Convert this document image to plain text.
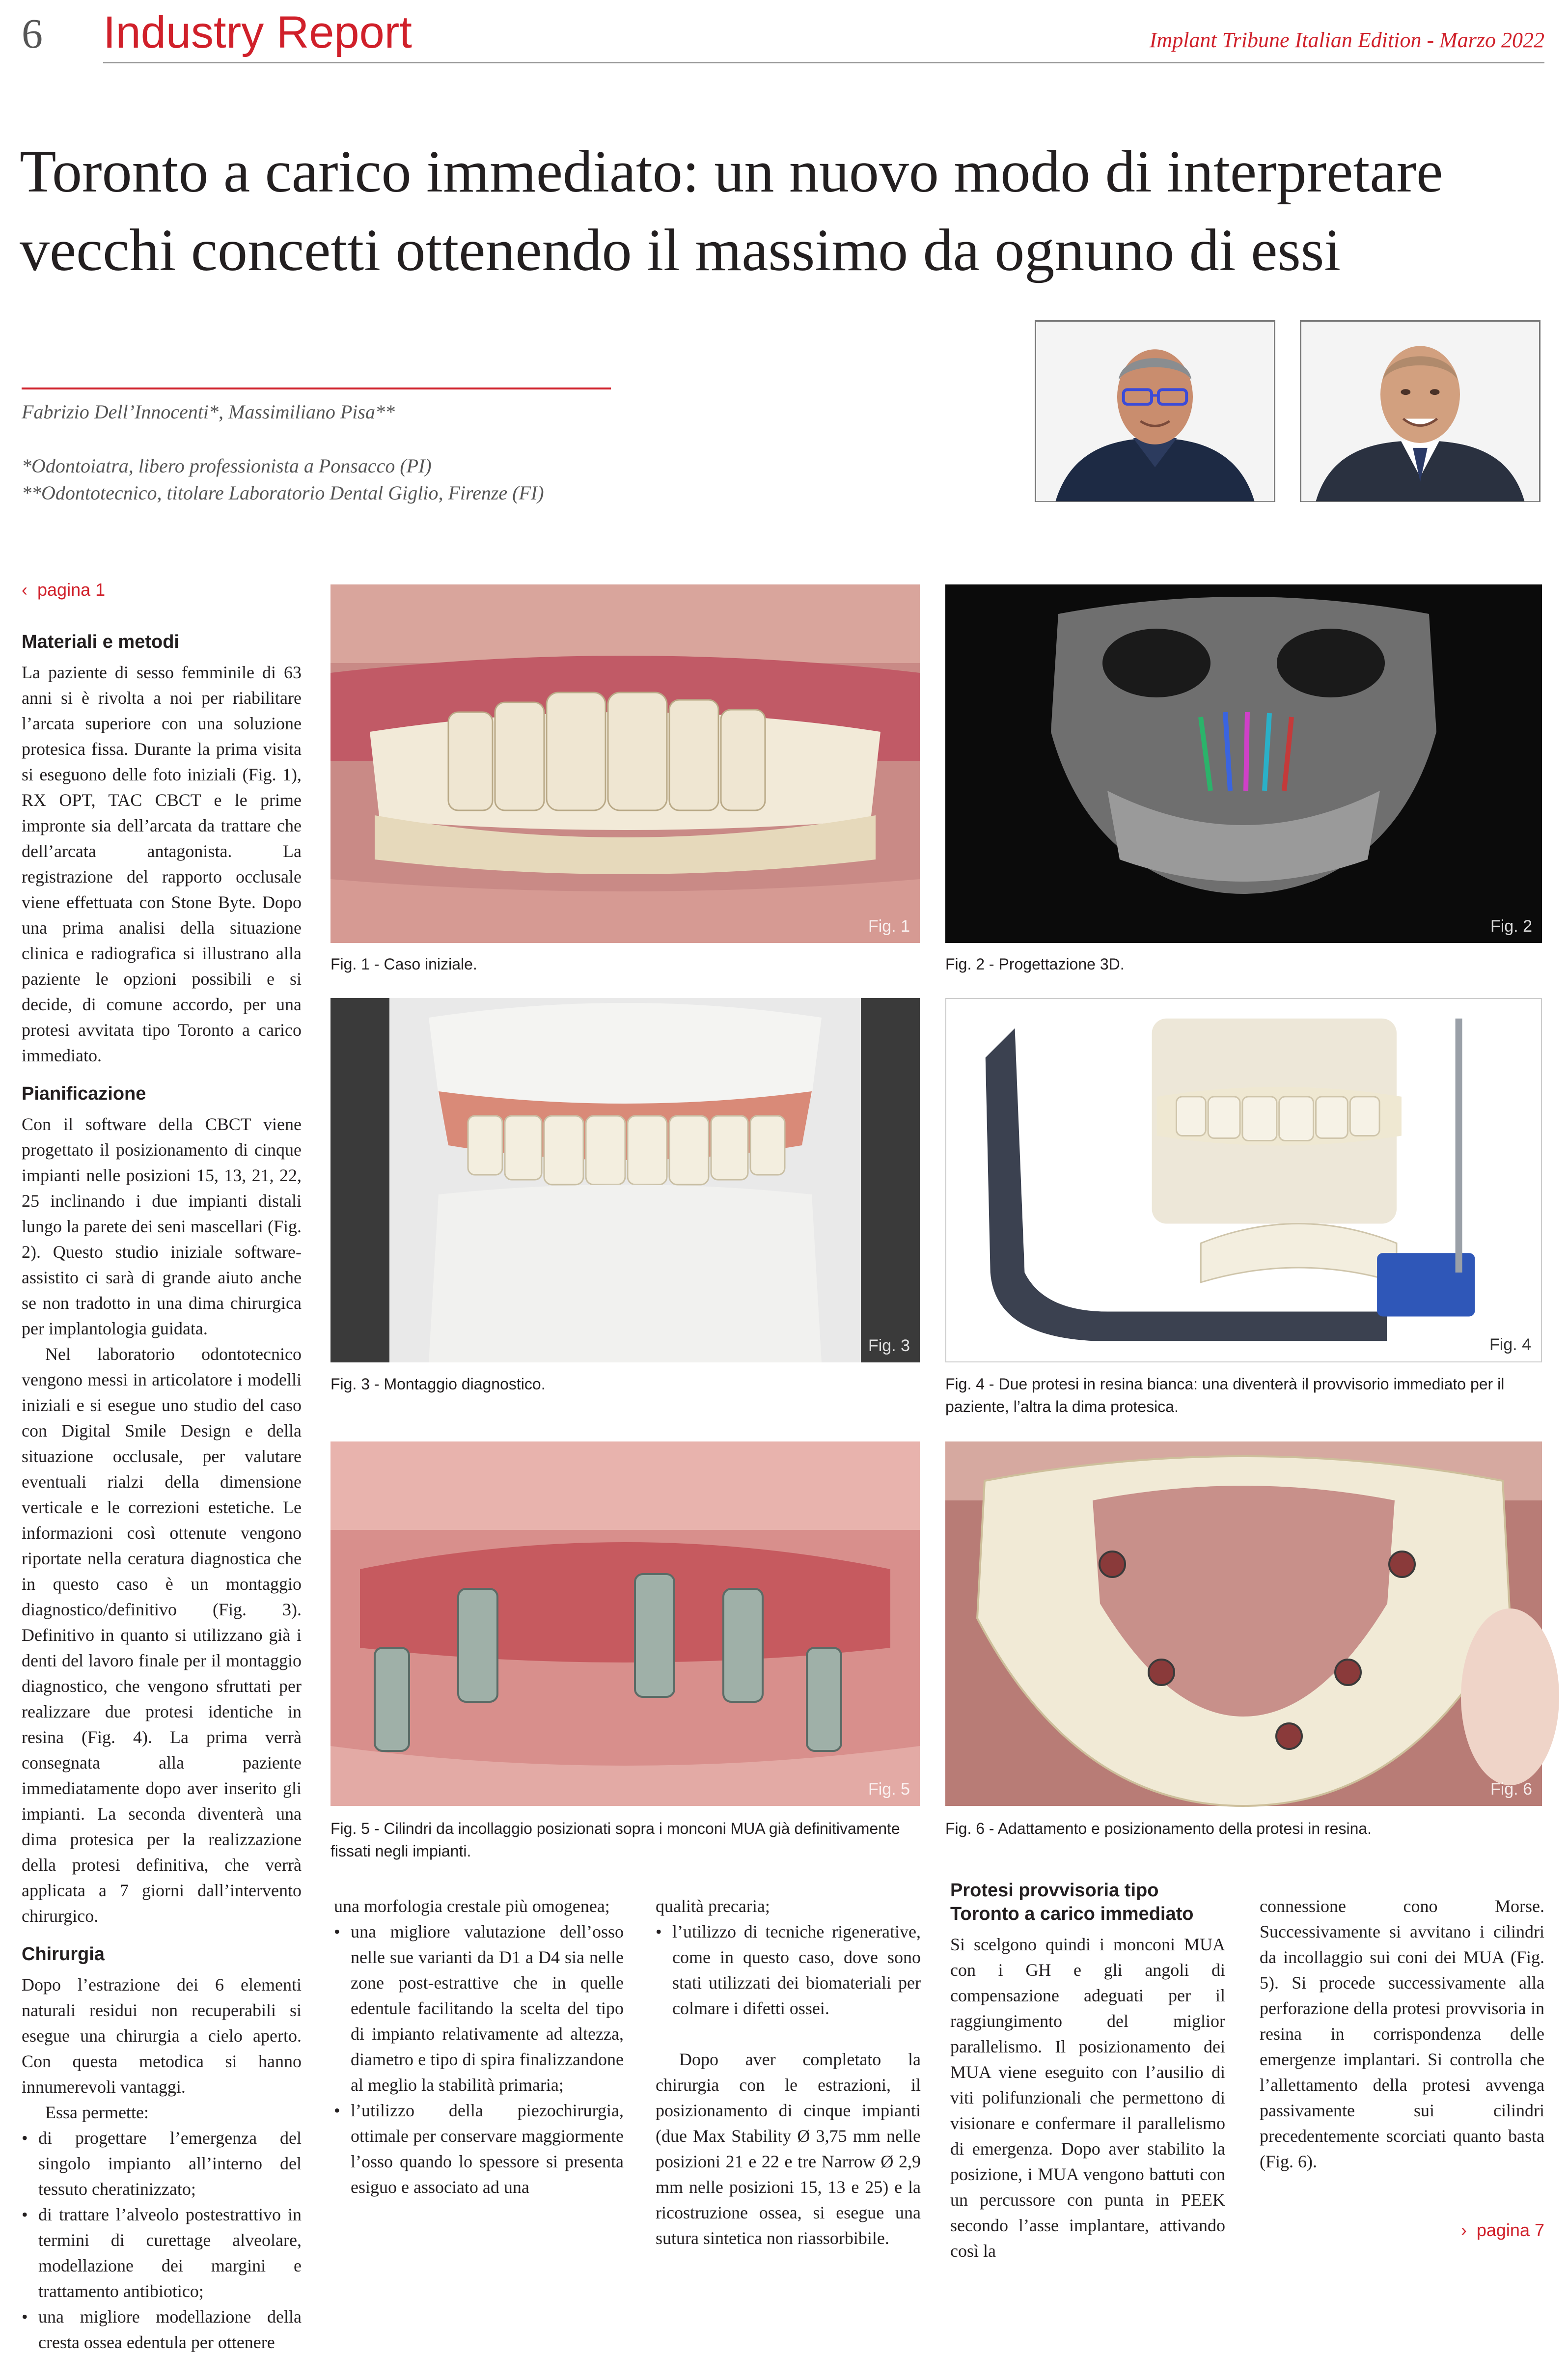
6 Industry Report	Implant Tribune Italian Edition - Marzo 2022
Toronto a carico immediato: un nuovo modo di interpretare vecchi concetti ottenendo il massimo da ognuno di essi
Fabrizio Dell’Innocenti*, Massimiliano Pisa**
*Odontoiatra, libero professionista a Ponsacco (PI)
**Odontotecnico, titolare Laboratorio Dental Giglio, Firenze (FI)
‹ pagina 1
Materiali e metodi

La paziente di sesso femminile di 63 anni si è rivolta a noi per riabilitare l’arcata superiore con una soluzione protesica fissa. Durante la prima visita si eseguono delle foto iniziali (Fig. 1), RX OPT, TAC CBCT e le prime impronte sia dell’arcata da trattare che dell’arcata antagonista. La registrazione del rapporto occlusale viene effettuata con Stone Byte. Dopo una prima analisi della situazione clinica e radiografica si illustrano alla paziente le opzioni possibili e si decide, di comune accordo, per una protesi avvitata tipo Toronto a carico immediato.

Pianificazione

Con il software della CBCT viene progettato il posizionamento di cinque impianti nelle posizioni 15, 13, 21, 22, 25 inclinando i due impianti distali lungo la parete dei seni mascellari (Fig. 2). Questo studio iniziale software-assistito ci sarà di grande aiuto anche se non tradotto in una dima chirurgica per implantologia guidata.

Nel laboratorio odontotecnico vengono messi in articolatore i modelli iniziali e si esegue uno studio del caso con Digital Smile Design e della situazione occlusale, per valutare eventuali rialzi della dimensione verticale e le correzioni estetiche. Le informazioni così ottenute vengono riportate nella ceratura diagnostica che in questo caso è un montaggio diagnostico/definitivo (Fig. 3). Definitivo in quanto si utilizzano già i denti del lavoro finale per il montaggio diagnostico, che vengono sfruttati per realizzare due protesi identiche in resina (Fig. 4). La prima verrà consegnata alla paziente immediatamente dopo aver inserito gli impianti. La seconda diventerà una dima protesica per la realizzazione della protesi definitiva, che verrà applicata a 7 giorni dall’intervento chirurgico.

Chirurgia

Dopo l’estrazione dei 6 elementi naturali residui non recuperabili si esegue una chirurgia a cielo aperto. Con questa metodica si hanno innumerevoli vantaggi.

Essa permette:

• di progettare l’emergenza del singolo impianto all’interno del tessuto cheratinizzato;
• di trattare l’alveolo postestrattivo in termini di curettage alveolare, modellazione dei margini e trattamento antibiotico;
• una migliore modellazione della cresta ossea edentula per ottenere
una morfologia crestale più omogenea;
• una migliore valutazione dell’osso nelle sue varianti da D1 a D4 sia nelle zone post-estrattive che in quelle edentule facilitando la scelta del tipo di impianto relativamente ad altezza, diametro e tipo di spira finalizzandone al meglio la stabilità primaria;
• l’utilizzo della piezochirurgia, ottimale per conservare maggiormente l’osso quando lo spessore si presenta esiguo e associato ad una
qualità precaria;
• l’utilizzo di tecniche rigenerative, come in questo caso, dove sono stati utilizzati dei biomateriali per colmare i difetti ossei.

Dopo aver completato la chirurgia con le estrazioni, il posizionamento di cinque impianti (due Max Stability Ø 3,75 mm nelle posizioni 21 e 22 e tre Narrow Ø 2,9 mm nelle posizioni 15, 13 e 25) e la ricostruzione ossea, si esegue una sutura sintetica non riassorbibile.

Protesi provvisoria tipo Toronto a carico immediato

Si scelgono quindi i monconi MUA con i GH e gli angoli di compensazione adeguati per il raggiungimento del miglior parallelismo. Il posizionamento dei MUA viene eseguito con l’ausilio di viti polifunzionali che permettono di visionare e confermare il parallelismo di emergenza. Dopo aver stabilito la posizione, i MUA vengono battuti con un percussore con punta in PEEK secondo l’asse implantare, attivando così la

connessione cono Morse. Successivamente si avvitano i cilindri da incollaggio sui coni dei MUA (Fig. 5). Si procede successivamente alla perforazione della protesi provvisoria in resina in corrispondenza delle emergenze implantari. Si controlla che l’allettamento della protesi avvenga passivamente sui cilindri precedentemente scorciati quanto basta (Fig. 6).

› pagina 7
Fig. 1
Fig. 1 - Caso iniziale.
Fig. 2
Fig. 2 - Progettazione 3D.
Fig. 3
Fig. 3 - Montaggio diagnostico.
Fig. 4
Fig. 4 - Due protesi in resina bianca: una diventerà il provvisorio immediato per il paziente, l’altra la dima protesica.
Fig. 5
Fig. 5 - Cilindri da incollaggio posizionati sopra i monconi MUA già definitivamente fissati negli impianti.
Fig. 6
Fig. 6 - Adattamento e posizionamento della protesi in resina.
